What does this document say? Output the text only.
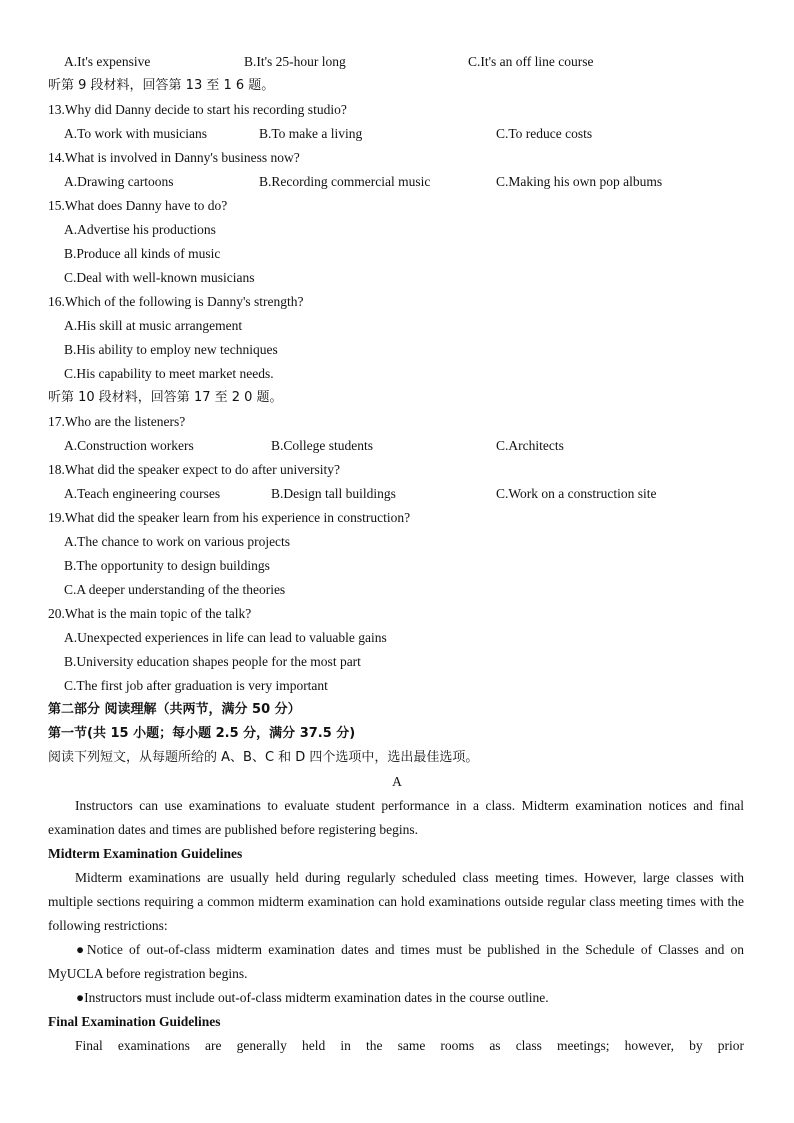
A.It's expensive	B.It's 25-hour long	C.It's an off line course
听第 9 段材料，回答第 13 至 1 6 题。
13.Why did Danny decide to start his recording studio?
A.To work with musicians	B.To make a living	C.To reduce costs
14.What is involved in Danny's business now?
A.Drawing cartoons	B.Recording commercial music	C.Making his own pop albums
15.What does Danny have to do?
A.Advertise his productions
B.Produce all kinds of music
C.Deal with well-known musicians
16.Which of the following is Danny's strength?
A.His skill at music arrangement
B.His ability to employ new techniques
C.His capability to meet market needs.
听第 10 段材料，回答第 17 至 2 0 题。
17.Who are the listeners?
A.Construction workers	B.College students	C.Architects
18.What did the speaker expect to do after university?
A.Teach engineering courses	B.Design tall buildings	C.Work on a construction site
19.What did the speaker learn from his experience in construction?
A.The chance to work on various projects
B.The opportunity to design buildings
C.A deeper understanding of the theories
20.What is the main topic of the talk?
A.Unexpected experiences in life can lead to valuable gains
B.University education shapes people for the most part
C.The first job after graduation is very important
第二部分 阅读理解（共两节，满分 50 分）
第一节(共 15 小题；每小题 2.5 分，满分 37.5 分)
阅读下列短文，从每题所给的 A、B、C 和 D 四个选项中，选出最佳选项。
A
Instructors can use examinations to evaluate student performance in a class. Midterm examination notices and final examination dates and times are published before registering begins.
Midterm Examination Guidelines
Midterm examinations are usually held during regularly scheduled class meeting times. However, large classes with multiple sections requiring a common midterm examination can hold examinations outside regular class meeting times with the following restrictions:
●Notice of out-of-class midterm examination dates and times must be published in the Schedule of Classes and on MyUCLA before registration begins.
●Instructors must include out-of-class midterm examination dates in the course outline.
Final Examination Guidelines
Final examinations are generally held in the same rooms as class meetings; however, by prior
